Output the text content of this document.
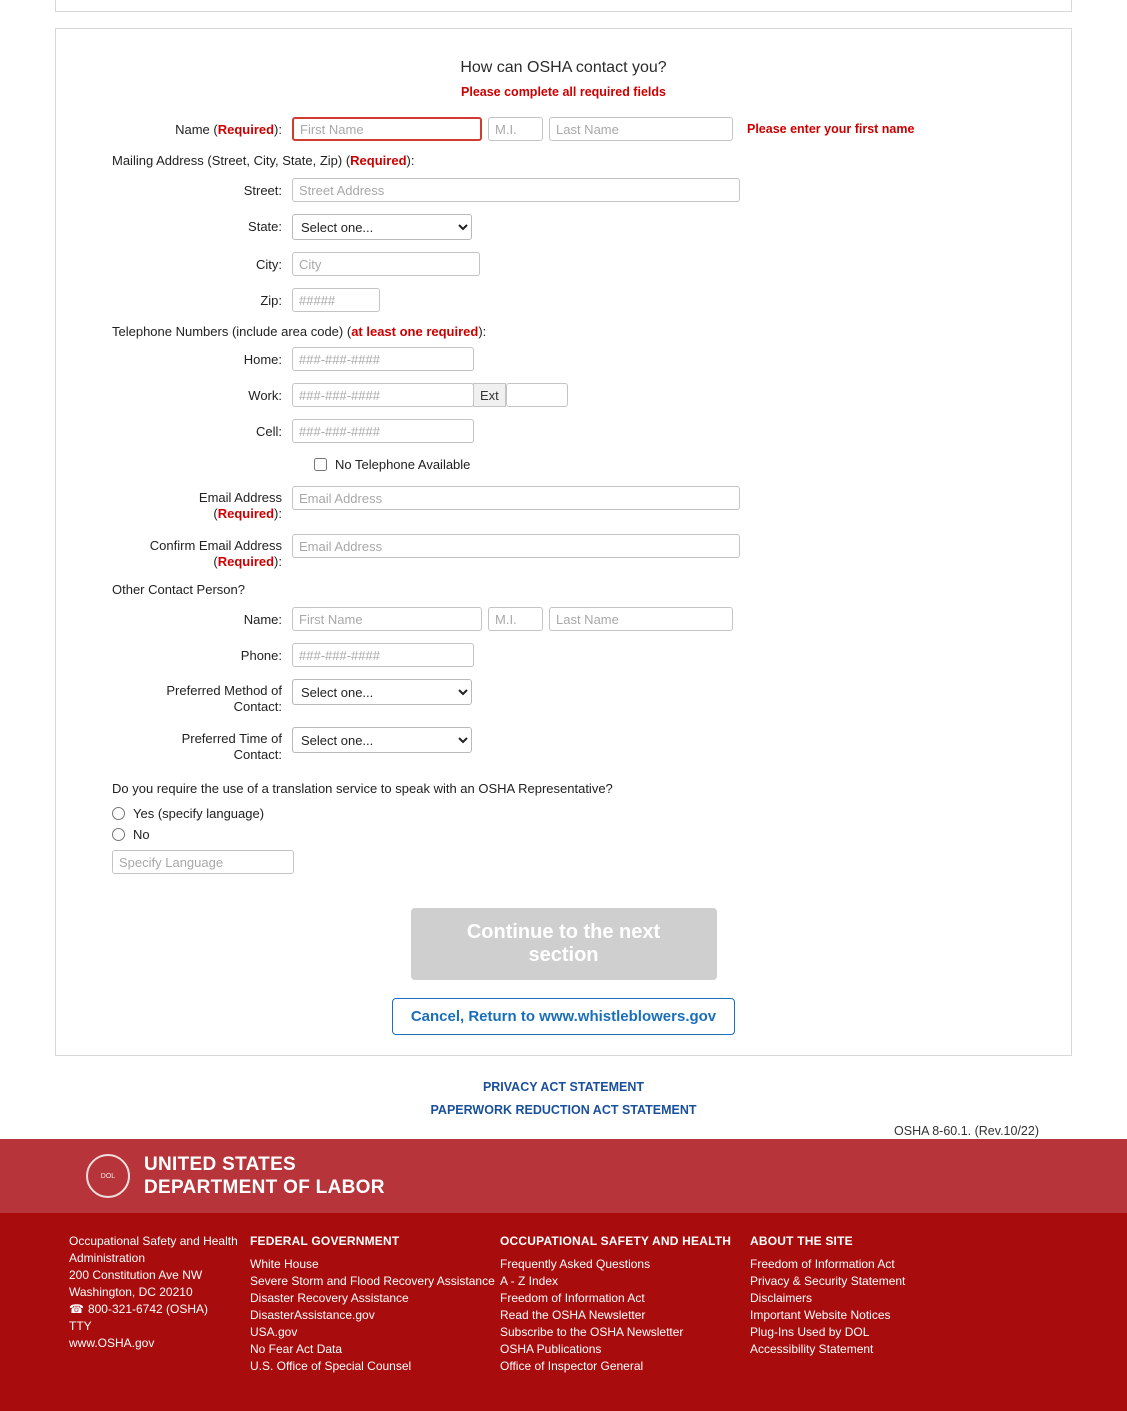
How can OSHA contact you?
Please complete all required fields
Name (Required):
First Name
M.I.
Last Name	Please enter your first name
Mailing Address (Street, City, State, Zip) (Required):
Street:
Street Address
State:
Select one...
City:
City
Zip:
#####
Telephone Numbers (include area code) (at least one required):
Home:
###-###-####
Work:
###-###-####	Ext
Cell:
###-###-####
No Telephone Available
Email Address
(Required):
Email Address
Confirm Email Address
(Required):
Email Address
Other Contact Person?
Name:
First Name
M.I.
Last Name
Phone:
###-###-####
Preferred Method of
Contact:
Select one...
Preferred Time of
Contact:
Select one...
Do you require the use of a translation service to speak with an OSHA Representative?
Yes (specify language)
No
Specify Language
Continue to the next section
Cancel, Return to www.whistleblowers.gov
PRIVACY ACT STATEMENT
PAPERWORK REDUCTION ACT STATEMENT
OSHA 8-60.1. (Rev.10/22)
DOL
UNITED STATES
DEPARTMENT OF LABOR
Occupational Safety and Health
Administration
200 Constitution Ave NW
Washington, DC 20210
☎ 800-321-6742 (OSHA)
TTY
www.OSHA.gov
FEDERAL GOVERNMENT
White House
Severe Storm and Flood Recovery Assistance
Disaster Recovery Assistance
DisasterAssistance.gov
USA.gov
No Fear Act Data
U.S. Office of Special Counsel
OCCUPATIONAL SAFETY AND HEALTH
Frequently Asked Questions
A - Z Index
Freedom of Information Act
Read the OSHA Newsletter
Subscribe to the OSHA Newsletter
OSHA Publications
Office of Inspector General
ABOUT THE SITE
Freedom of Information Act
Privacy & Security Statement
Disclaimers
Important Website Notices
Plug-Ins Used by DOL
Accessibility Statement
